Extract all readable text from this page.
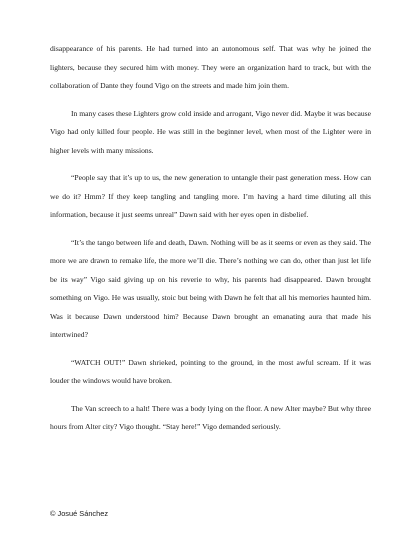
disappearance of his parents. He had turned into an autonomous self. That was why he joined the lighters, because they secured him with money. They were an organization hard to track, but with the collaboration of Dante they found Vigo on the streets and made him join them.

In many cases these Lighters grow cold inside and arrogant, Vigo never did. Maybe it was because Vigo had only killed four people. He was still in the beginner level, when most of the Lighter were in higher levels with many missions.

“People say that it’s up to us, the new generation to untangle their past generation mess. How can we do it? Hmm? If they keep tangling and tangling more. I’m having a hard time diluting all this information, because it just seems unreal” Dawn said with her eyes open in disbelief.

“It’s the tango between life and death, Dawn. Nothing will be as it seems or even as they said. The more we are drawn to remake life, the more we’ll die. There’s nothing we can do, other than just let life be its way” Vigo said giving up on his reverie to why, his parents had disappeared. Dawn brought something on Vigo. He was usually, stoic but being with Dawn he felt that all his memories haunted him. Was it because Dawn understood him? Because Dawn brought an emanating aura that made his intertwined?

“WATCH OUT!” Dawn shrieked, pointing to the ground, in the most awful scream. If it was louder the windows would have broken.

The Van screech to a halt! There was a body lying on the floor. A new Alter maybe? But why three hours from Alter city? Vigo thought. “Stay here!” Vigo demanded seriously.

© Josué Sánchez
